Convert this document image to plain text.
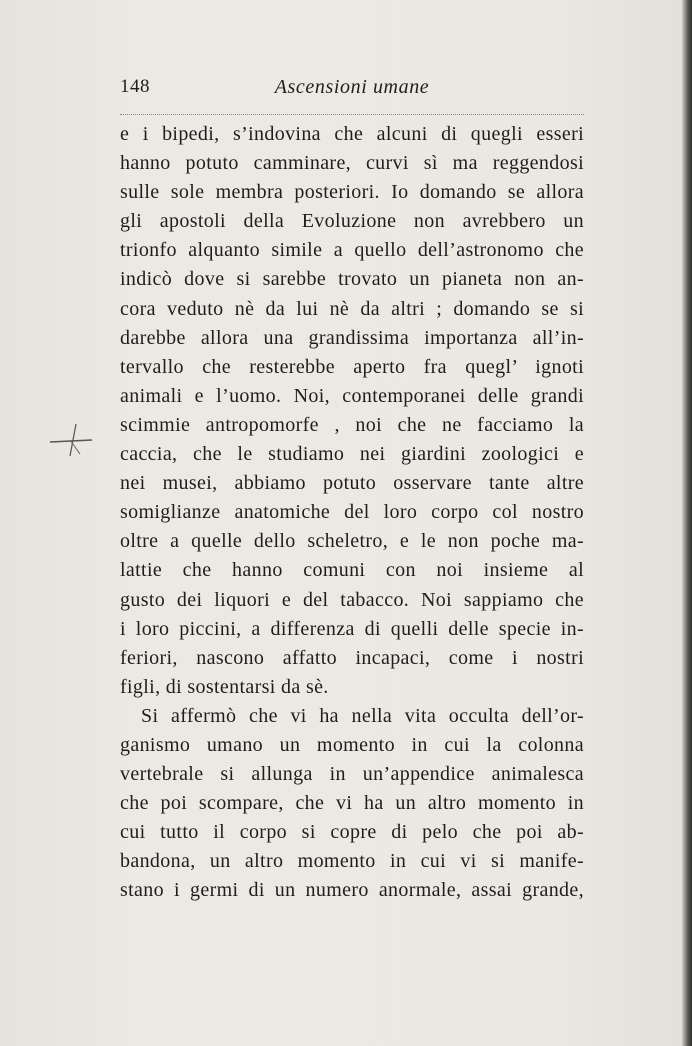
148	Ascensioni umane
e i bipedi, s’indovina che alcuni di quegli esseri
hanno potuto camminare, curvi sì ma reggendosi
sulle sole membra posteriori. Io domando se allora
gli apostoli della Evoluzione non avrebbero un
trionfo alquanto simile a quello dell’astronomo che
indicò dove si sarebbe trovato un pianeta non an-
cora veduto nè da lui nè da altri ; domando se si
darebbe allora una grandissima importanza all’in-
tervallo che resterebbe aperto fra quegl’ ignoti
animali e l’uomo. Noi, contemporanei delle grandi
scimmie antropomorfe , noi che ne facciamo la
caccia, che le studiamo nei giardini zoologici e
nei musei, abbiamo potuto osservare tante altre
somiglianze anatomiche del loro corpo col nostro
oltre a quelle dello scheletro, e le non poche ma-
lattie che hanno comuni con noi insieme al
gusto dei liquori e del tabacco. Noi sappiamo che
i loro piccini, a differenza di quelli delle specie in-
feriori, nascono affatto incapaci, come i nostri
figli, di sostentarsi da sè.
Si affermò che vi ha nella vita occulta dell’or-
ganismo umano un momento in cui la colonna
vertebrale si allunga in un’appendice animalesca
che poi scompare, che vi ha un altro momento in
cui tutto il corpo si copre di pelo che poi ab-
bandona, un altro momento in cui vi si manife-
stano i germi di un numero anormale, assai grande,
